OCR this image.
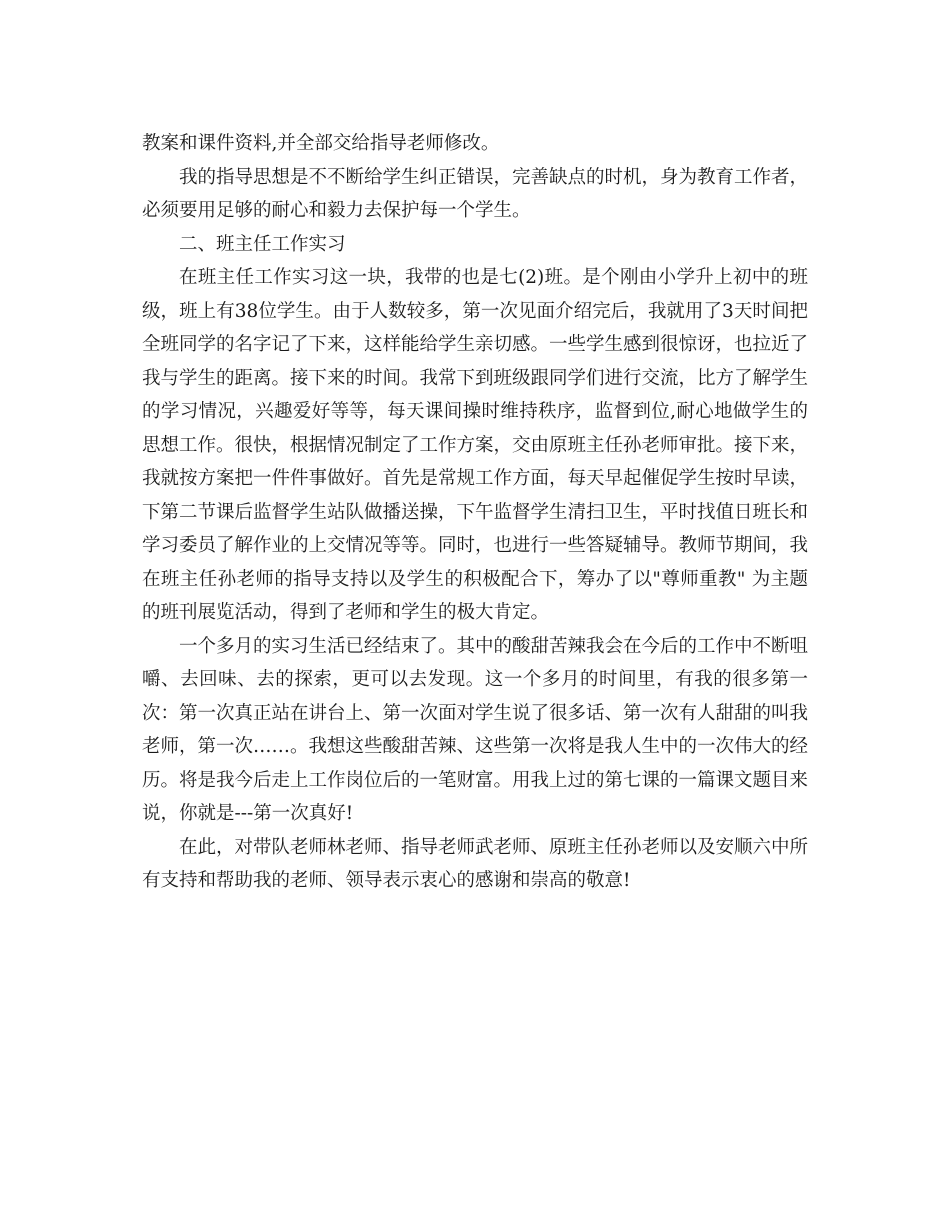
教案和课件资料,并全部交给指导老师修改。

我的指导思想是不不断给学生纠正错误，完善缺点的时机，身为教育工作者，必须要用足够的耐心和毅力去保护每一个学生。

二、班主任工作实习

在班主任工作实习这一块，我带的也是七(2)班。是个刚由小学升上初中的班级，班上有38位学生。由于人数较多，第一次见面介绍完后，我就用了3天时间把全班同学的名字记了下来，这样能给学生亲切感。一些学生感到很惊讶，也拉近了我与学生的距离。接下来的时间。我常下到班级跟同学们进行交流，比方了解学生的学习情况，兴趣爱好等等，每天课间操时维持秩序，监督到位,耐心地做学生的思想工作。很快，根据情况制定了工作方案，交由原班主任孙老师审批。接下来，我就按方案把一件件事做好。首先是常规工作方面，每天早起催促学生按时早读，下第二节课后监督学生站队做播送操，下午监督学生清扫卫生，平时找值日班长和学习委员了解作业的上交情况等等。同时，也进行一些答疑辅导。教师节期间，我在班主任孙老师的指导支持以及学生的积极配合下，筹办了以"尊师重教" 为主题的班刊展览活动，得到了老师和学生的极大肯定。

一个多月的实习生活已经结束了。其中的酸甜苦辣我会在今后的工作中不断咀嚼、去回味、去的探索，更可以去发现。这一个多月的时间里，有我的很多第一次：第一次真正站在讲台上、第一次面对学生说了很多话、第一次有人甜甜的叫我老师，第一次……。我想这些酸甜苦辣、这些第一次将是我人生中的一次伟大的经历。将是我今后走上工作岗位后的一笔财富。用我上过的第七课的一篇课文题目来说，你就是---第一次真好!

在此，对带队老师林老师、指导老师武老师、原班主任孙老师以及安顺六中所有支持和帮助我的老师、领导表示衷心的感谢和崇高的敬意!
